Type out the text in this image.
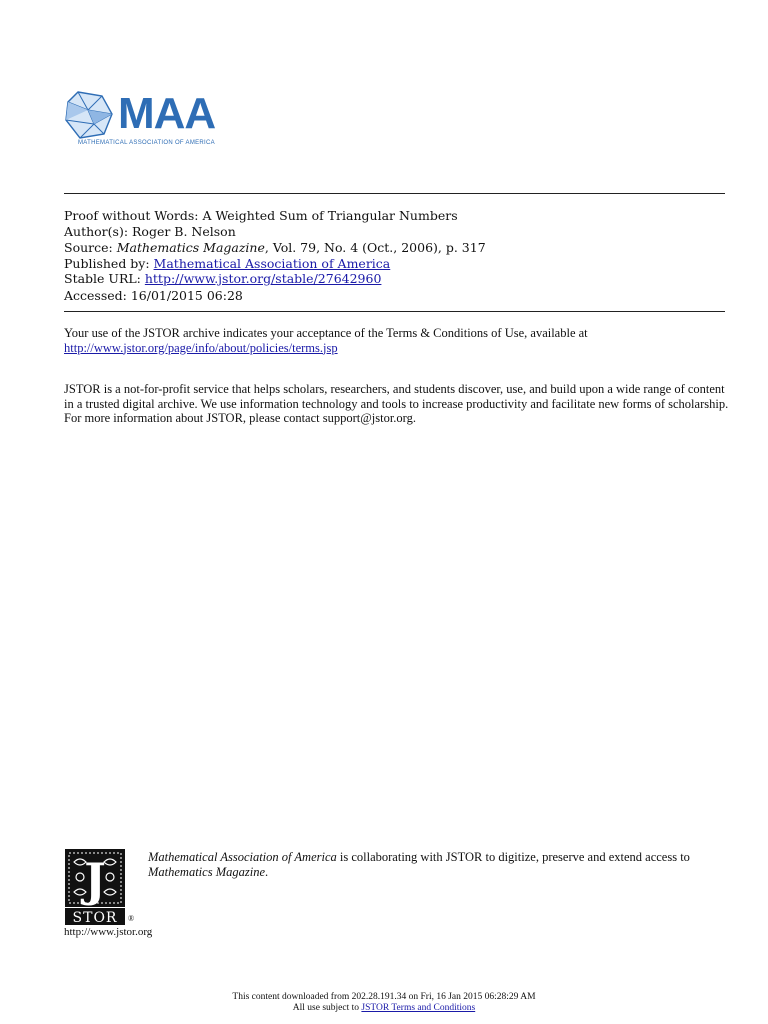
MAA
MATHEMATICAL ASSOCIATION OF AMERICA
Proof without Words: A Weighted Sum of Triangular Numbers
Author(s): Roger B. Nelson
Source: Mathematics Magazine, Vol. 79, No. 4 (Oct., 2006), p. 317
Published by: Mathematical Association of America
Stable URL: http://www.jstor.org/stable/27642960
Accessed: 16/01/2015 06:28
Your use of the JSTOR archive indicates your acceptance of the Terms & Conditions of Use, available at
http://www.jstor.org/page/info/about/policies/terms.jsp
JSTOR is a not-for-profit service that helps scholars, researchers, and students discover, use, and build upon a wide range of content in a trusted digital archive. We use information technology and tools to increase productivity and facilitate new forms of scholarship. For more information about JSTOR, please contact support@jstor.org.
J
STOR ®
Mathematical Association of America is collaborating with JSTOR to digitize, preserve and extend access to
Mathematics Magazine.
http://www.jstor.org
This content downloaded from 202.28.191.34 on Fri, 16 Jan 2015 06:28:29 AM
All use subject to JSTOR Terms and Conditions
